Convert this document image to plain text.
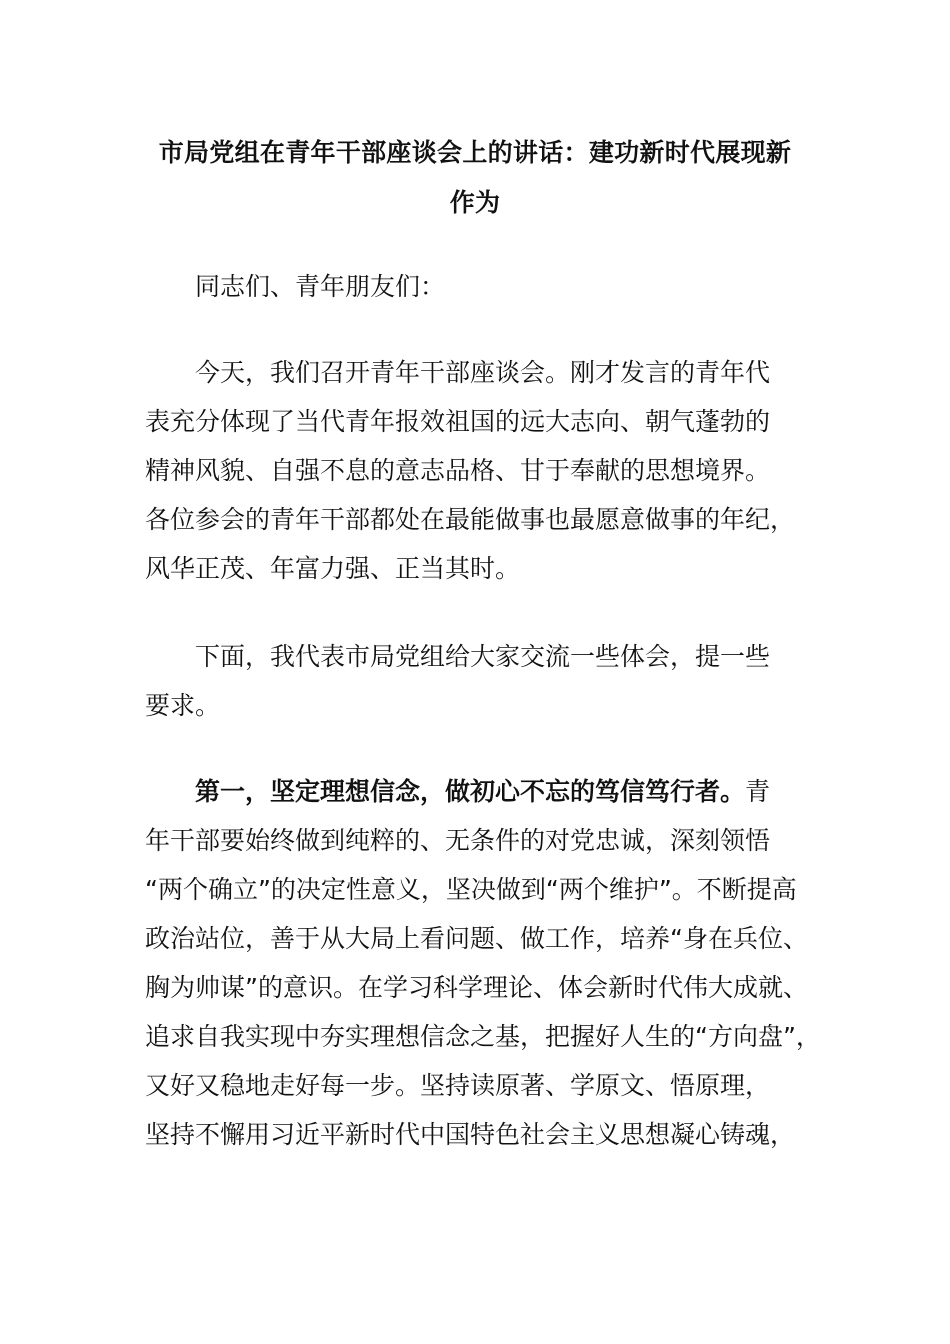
市局党组在青年干部座谈会上的讲话：建功新时代展现新
作为

同志们、青年朋友们：

今天，我们召开青年干部座谈会。刚才发言的青年代
表充分体现了当代青年报效祖国的远大志向、朝气蓬勃的
精神风貌、自强不息的意志品格、甘于奉献的思想境界。
各位参会的青年干部都处在最能做事也最愿意做事的年纪，
风华正茂、年富力强、正当其时。

下面，我代表市局党组给大家交流一些体会，提一些
要求。

第一，坚定理想信念，做初心不忘的笃信笃行者。青
年干部要始终做到纯粹的、无条件的对党忠诚，深刻领悟
“两个确立”的决定性意义，坚决做到“两个维护”。不断提高
政治站位，善于从大局上看问题、做工作，培养“身在兵位、
胸为帅谋”的意识。在学习科学理论、体会新时代伟大成就、
追求自我实现中夯实理想信念之基，把握好人生的“方向盘”，
又好又稳地走好每一步。坚持读原著、学原文、悟原理，
坚持不懈用习近平新时代中国特色社会主义思想凝心铸魂，
